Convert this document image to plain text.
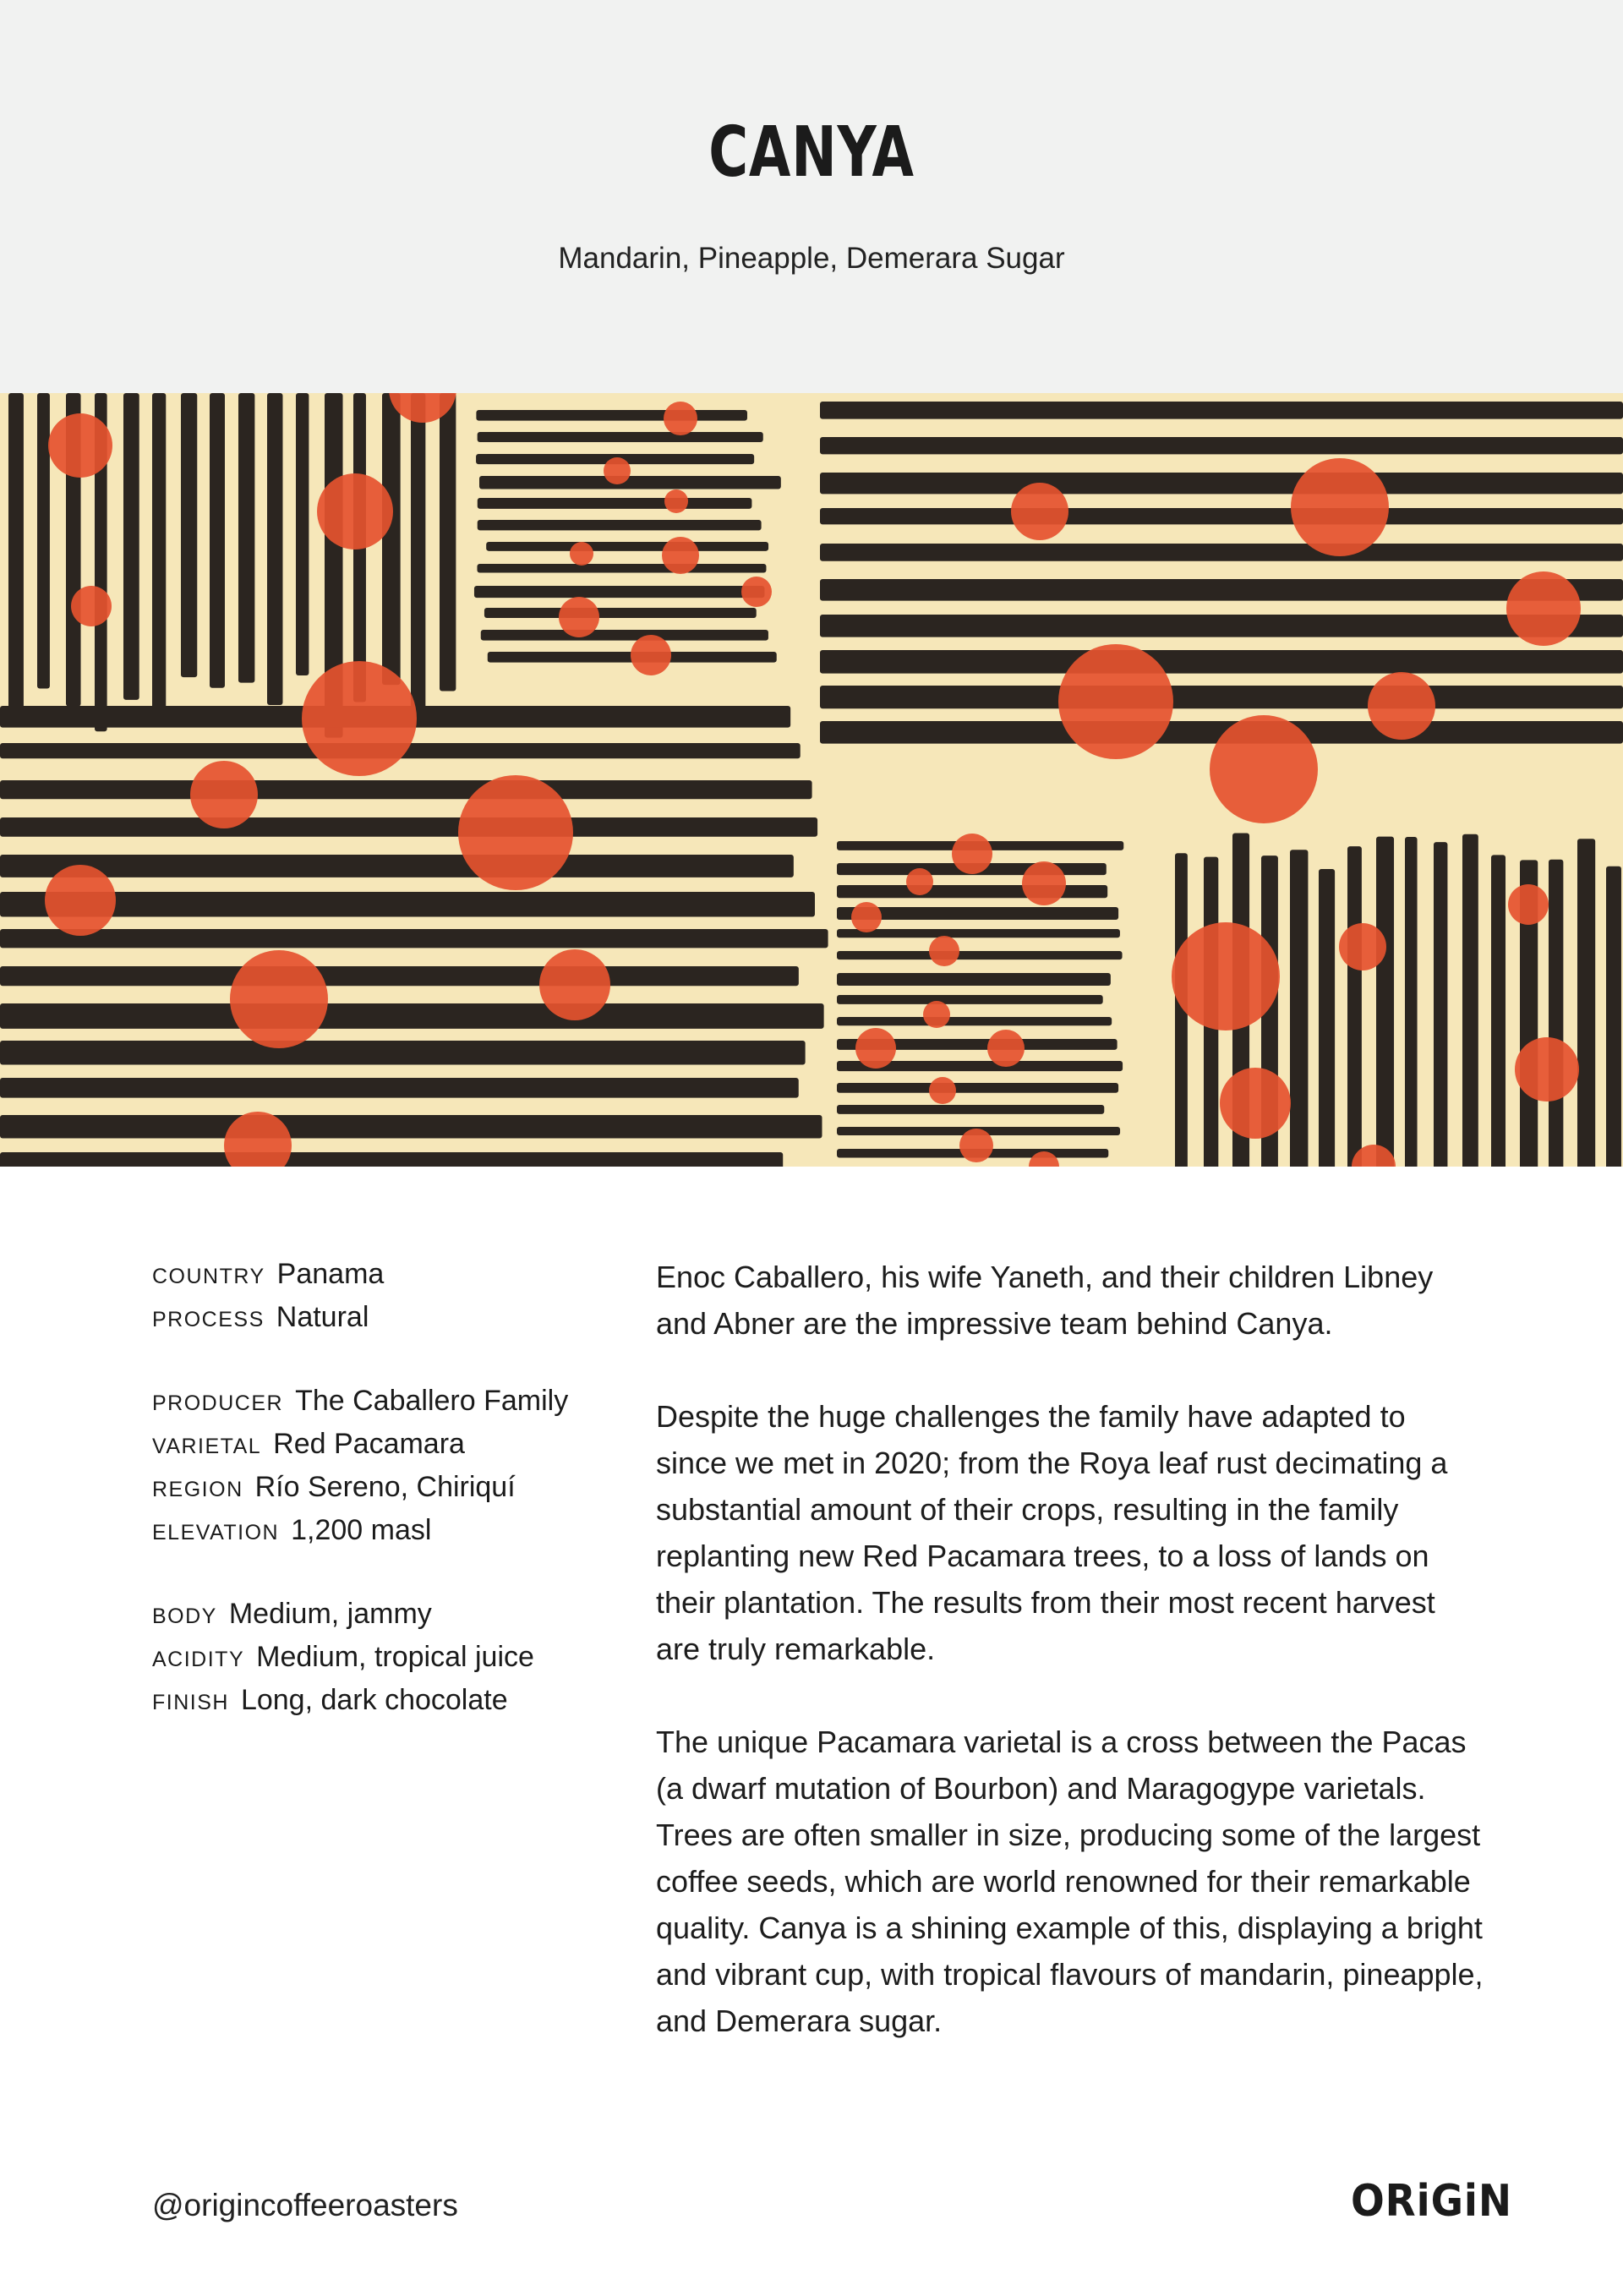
CANYA
Mandarin, Pineapple, Demerara Sugar
COUNTRY Panama
PROCESS Natural
PRODUCER The Caballero Family
VARIETAL Red Pacamara
REGION Río Sereno, Chiriquí
ELEVATION 1,200 masl
BODY Medium, jammy
ACIDITY Medium, tropical juice
FINISH Long, dark chocolate

Enoc Caballero, his wife Yaneth, and their children Libney and Abner are the impressive team behind Canya.

Despite the huge challenges the family have adapted to since we met in 2020; from the Roya leaf rust decimating a substantial amount of their crops, resulting in the family replanting new Red Pacamara trees, to a loss of lands on their plantation. The results from their most recent harvest are truly remarkable.

The unique Pacamara varietal is a cross between the Pacas (a dwarf mutation of Bourbon) and Maragogype varietals. Trees are often smaller in size, producing some of the largest coffee seeds, which are world renowned for their remarkable quality. Canya is a shining example of this, displaying a bright and vibrant cup, with tropical flavours of mandarin, pineapple, and Demerara sugar.

@origincoffeeroasters	ORiGiN
